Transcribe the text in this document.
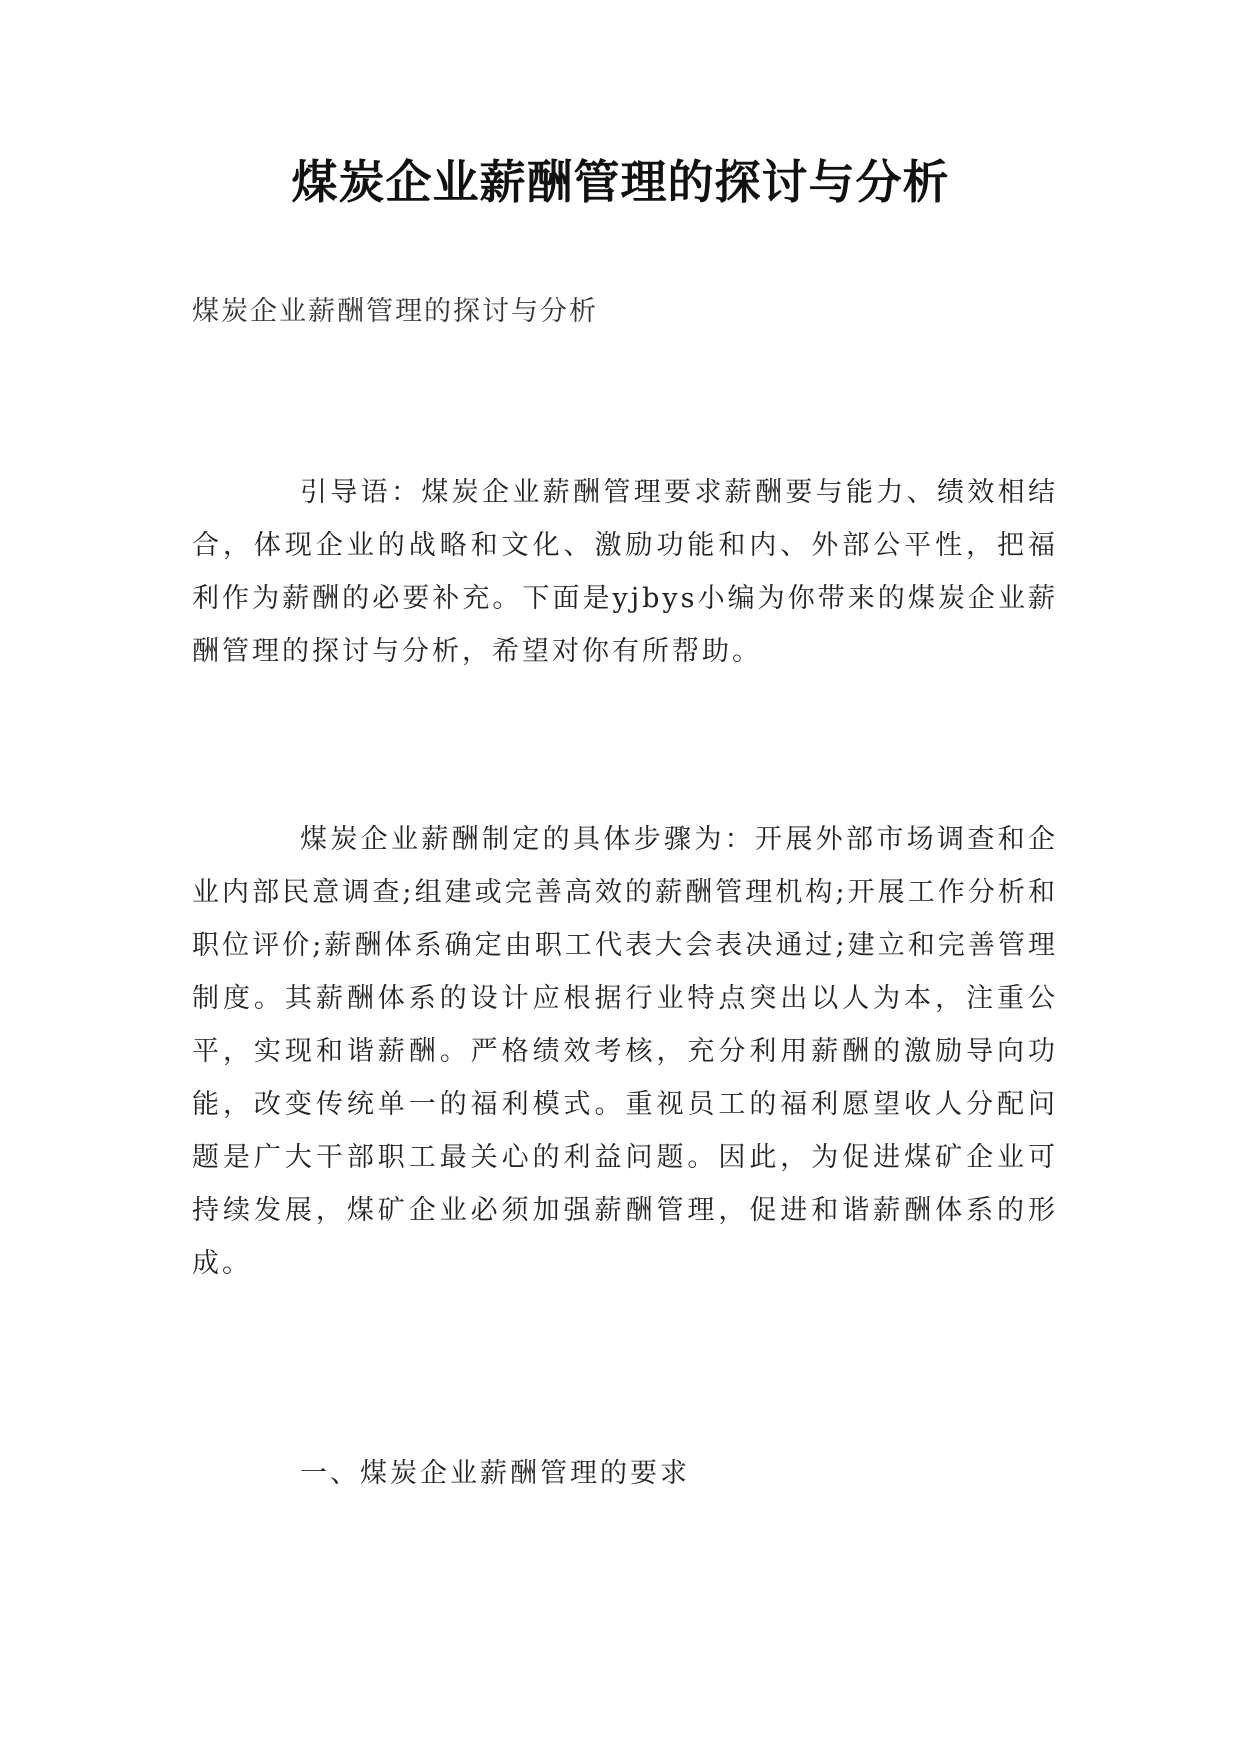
煤炭企业薪酬管理的探讨与分析

煤炭企业薪酬管理的探讨与分析

引导语：煤炭企业薪酬管理要求薪酬要与能力、绩效相结合，体现企业的战略和文化、激励功能和内、外部公平性，把福利作为薪酬的必要补充。下面是yjbys小编为你带来的煤炭企业薪酬管理的探讨与分析，希望对你有所帮助。

煤炭企业薪酬制定的具体步骤为：开展外部市场调查和企业内部民意调查;组建或完善高效的薪酬管理机构;开展工作分析和职位评价;薪酬体系确定由职工代表大会表决通过;建立和完善管理制度。其薪酬体系的设计应根据行业特点突出以人为本，注重公平，实现和谐薪酬。严格绩效考核，充分利用薪酬的激励导向功能，改变传统单一的福利模式。重视员工的福利愿望收人分配问题是广大干部职工最关心的利益问题。因此，为促进煤矿企业可持续发展，煤矿企业必须加强薪酬管理，促进和谐薪酬体系的形成。

一、煤炭企业薪酬管理的要求
